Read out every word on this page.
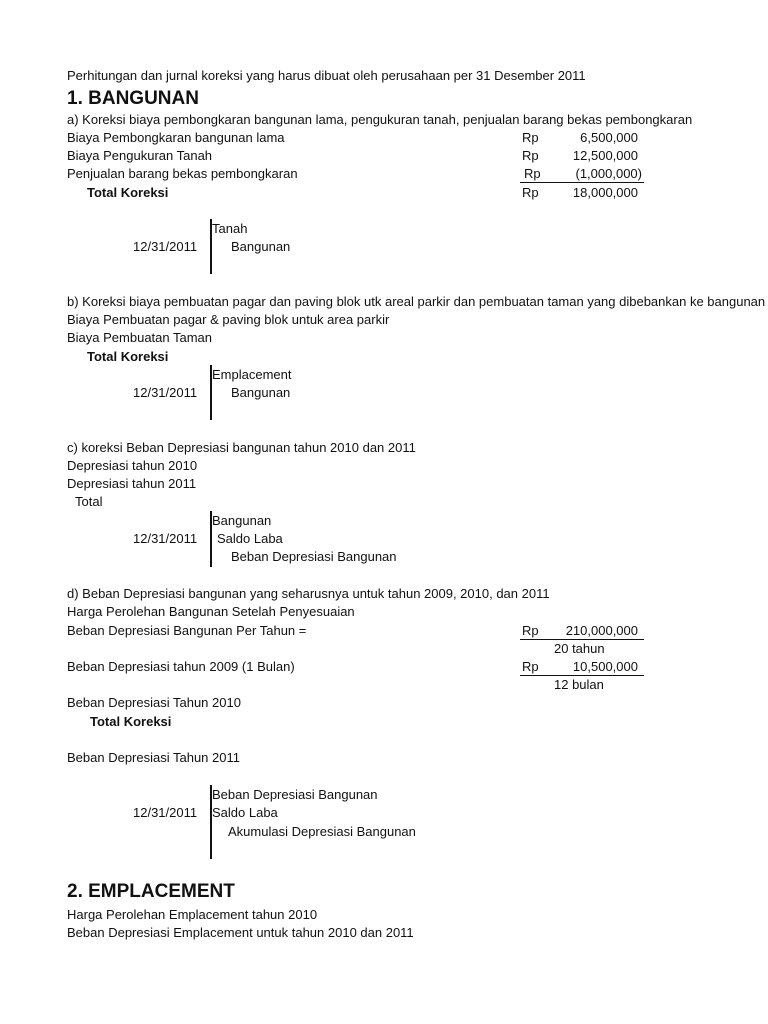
Perhitungan dan jurnal koreksi yang harus dibuat oleh perusahaan per 31 Desember 2011
1. BANGUNAN
a) Koreksi biaya pembongkaran bangunan lama, pengukuran tanah, penjualan barang bekas pembongkaran
Biaya Pembongkaran bangunan lama	Rp	6,500,000
Biaya Pengukuran Tanah	Rp	12,500,000
Penjualan barang bekas pembongkaran	Rp	(1,000,000)
Total Koreksi	Rp	18,000,000
Tanah
12/31/2011	Bangunan
b) Koreksi biaya pembuatan pagar dan paving blok utk areal parkir dan pembuatan taman yang dibebankan ke bangunan
Biaya Pembuatan pagar & paving blok untuk area parkir
Biaya Pembuatan Taman
Total Koreksi
Emplacement
12/31/2011	Bangunan
c) koreksi Beban Depresiasi bangunan tahun 2010 dan 2011
Depresiasi tahun 2010
Depresiasi tahun 2011
Total
Bangunan
12/31/2011 Saldo Laba
Beban Depresiasi Bangunan
d) Beban Depresiasi bangunan yang seharusnya untuk tahun 2009, 2010, dan 2011
Harga Perolehan Bangunan Setelah Penyesuaian
Beban Depresiasi Bangunan Per Tahun =	Rp	210,000,000
20 tahun
Beban Depresiasi tahun 2009 (1 Bulan)	Rp	10,500,000
12 bulan
Beban Depresiasi Tahun 2010
Total Koreksi
Beban Depresiasi Tahun 2011
Beban Depresiasi Bangunan
12/31/2011 Saldo Laba
Akumulasi Depresiasi Bangunan
2. EMPLACEMENT
Harga Perolehan Emplacement tahun 2010
Beban Depresiasi Emplacement untuk tahun 2010 dan 2011
